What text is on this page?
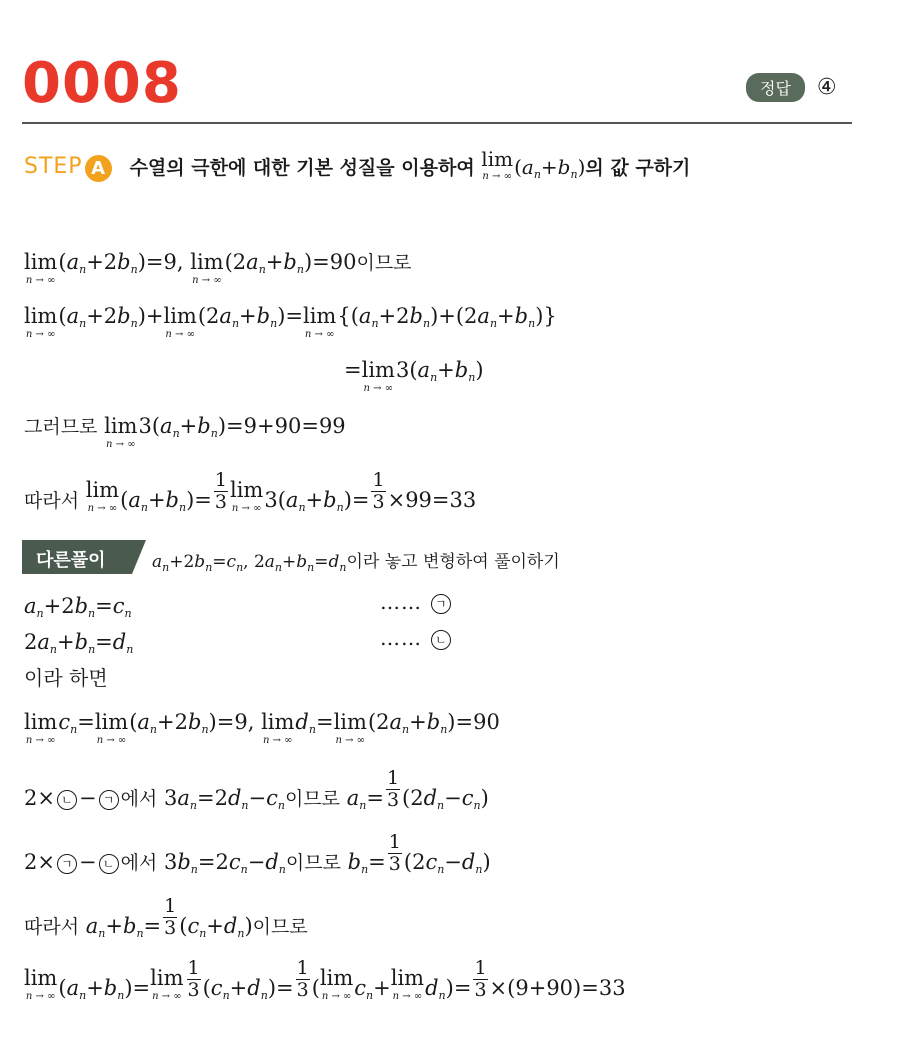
0008	정답	④
STEP A	수열의 극한에 대한 기본 성질을 이용하여 lim
n → ∞ $(a_n+b_n)$의 값 구하기
lim
n → ∞
$(a_n+2b_n)=9$, lim
n → ∞
$(2a_n+b_n)=90$이므로
lim
n → ∞
$(a_n+2b_n)+ \lim$
n → ∞
$(2a_n+b_n)= \lim$
n → ∞
$\{(a_n+2b_n)+(2a_n+b_n)\}$
= lim
n → ∞
$3(a_n+b_n)$
그러므로 lim
n → ∞
$3(a_n+b_n)=9+90=99$
따라서 lim
n → ∞ $(a_n+b_n)= \frac{1}{3}$ lim
n → ∞ $3(a_n+b_n)= \frac{1}{3} \times 99=33$
다른풀이	$a_n+2b_n=c_n$, $2a_n+b_n=d_n$이라 놓고 변형하여 풀이하기
$a_n+2b_n=c_n$	…… ㄱ
$2a_n+b_n=d_n$	…… ㄴ
이라 하면
lim
n → ∞
$c_n= \lim$
n → ∞
$(a_n+2b_n)=9$, lim
n → ∞
$d_n= \lim$
n → ∞
$(2a_n+b_n)=90$
2× ㄴ − ㄱ 에서 $3a_n=2d_n-c_n$이므로 $a_n= \frac{1}{3} (2d_n-c_n)$
2× ㄱ − ㄴ 에서 $3b_n=2c_n-d_n$이므로 $b_n= \frac{1}{3} (2c_n-d_n)$
따라서 $a_n+b_n= \frac{1}{3} (c_n+d_n)$이므로
lim
n → ∞ $(a_n+b_n)= \lim$
n → ∞ $\frac{1}{3} (c_n+d_n)= \frac{1}{3}$ ( lim
n → ∞ $c_n+ \lim$
n → ∞ $d_n)= \frac{1}{3} \times(9+90)=33$
